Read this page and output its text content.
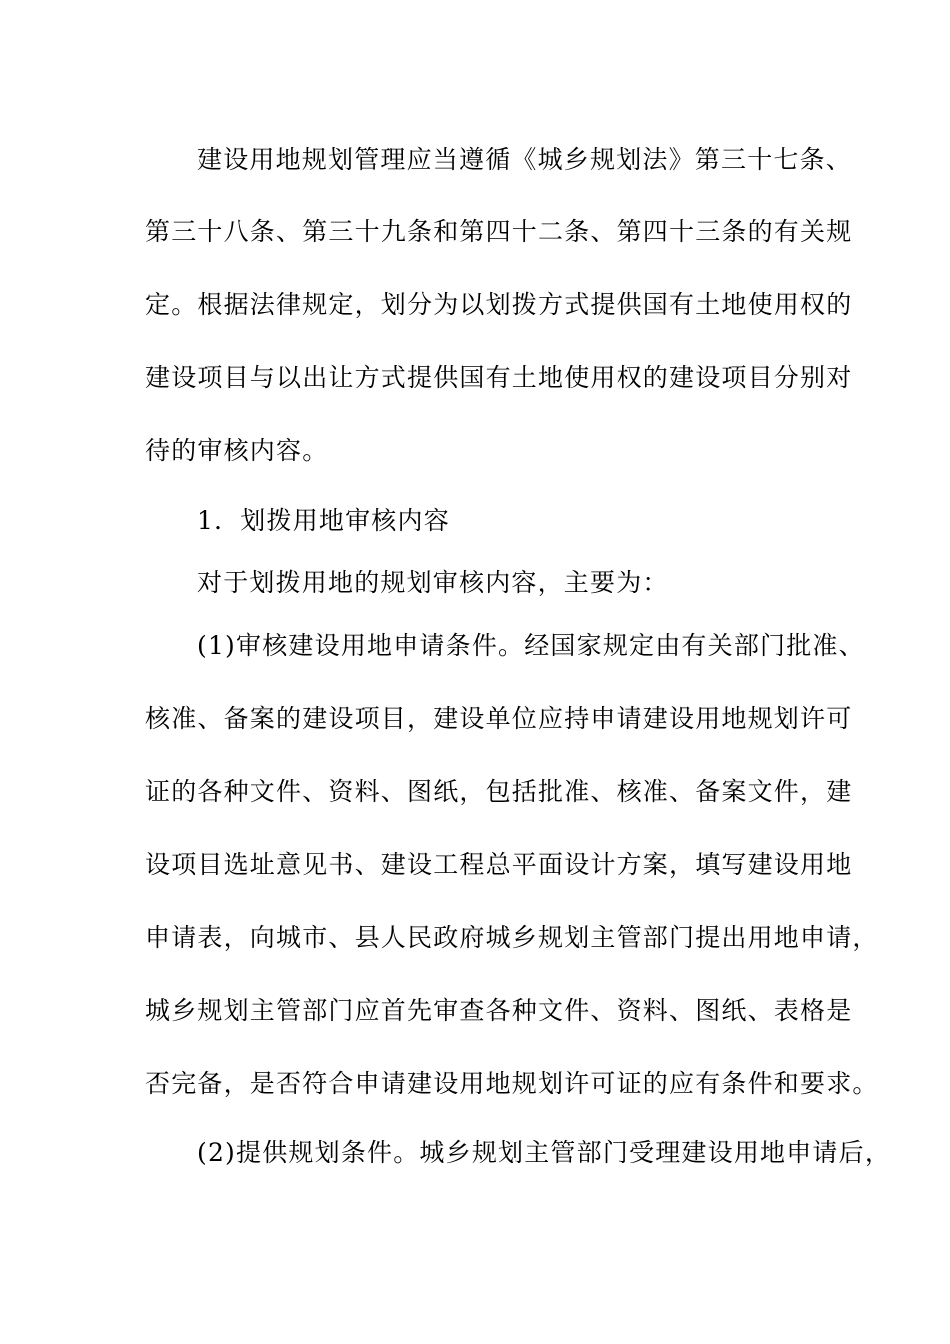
建设用地规划管理应当遵循《城乡规划法》第三十七条、

第三十八条、第三十九条和第四十二条、第四十三条的有关规

定。根据法律规定，划分为以划拨方式提供国有土地使用权的

建设项目与以出让方式提供国有土地使用权的建设项目分别对

待的审核内容。

1．划拨用地审核内容

对于划拨用地的规划审核内容，主要为：

(1)审核建设用地申请条件。经国家规定由有关部门批准、

核准、备案的建设项目，建设单位应持申请建设用地规划许可

证的各种文件、资料、图纸，包括批准、核准、备案文件，建

设项目选址意见书、建设工程总平面设计方案，填写建设用地

申请表，向城市、县人民政府城乡规划主管部门提出用地申请，

城乡规划主管部门应首先审查各种文件、资料、图纸、表格是

否完备，是否符合申请建设用地规划许可证的应有条件和要求。

(2)提供规划条件。城乡规划主管部门受理建设用地申请后，
